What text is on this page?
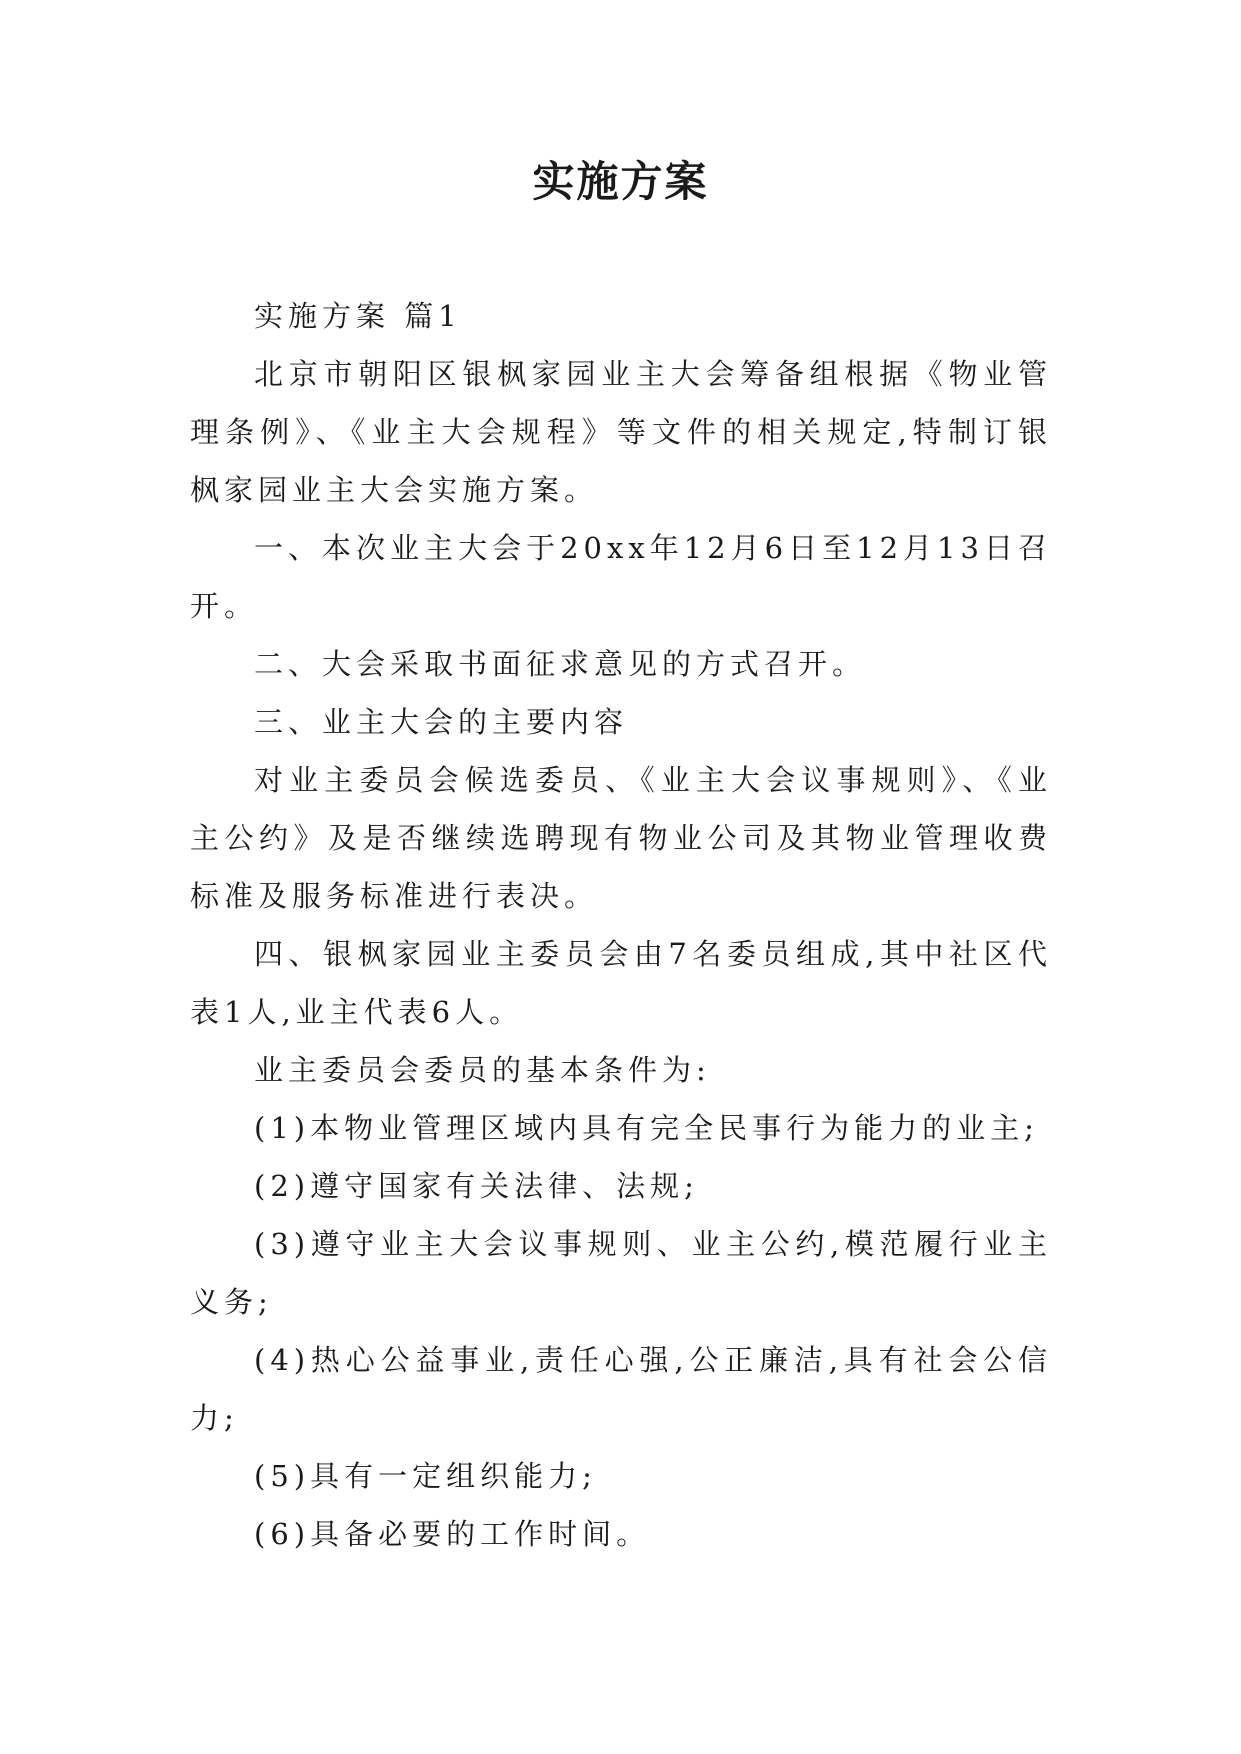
实施方案

实施方案 篇1

北京市朝阳区银枫家园业主大会筹备组根据《物业管理条例》、《业主大会规程》等文件的相关规定,特制订银枫家园业主大会实施方案。

一、本次业主大会于20xx年12月6日至12月13日召开。

二、大会采取书面征求意见的方式召开。

三、业主大会的主要内容

对业主委员会候选委员、《业主大会议事规则》、《业主公约》及是否继续选聘现有物业公司及其物业管理收费标准及服务标准进行表决。

四、银枫家园业主委员会由7名委员组成,其中社区代表1人,业主代表6人。

业主委员会委员的基本条件为:

(1)本物业管理区域内具有完全民事行为能力的业主;

(2)遵守国家有关法律、法规;

(3)遵守业主大会议事规则、业主公约,模范履行业主义务;

(4)热心公益事业,责任心强,公正廉洁,具有社会公信力;

(5)具有一定组织能力;

(6)具备必要的工作时间。
